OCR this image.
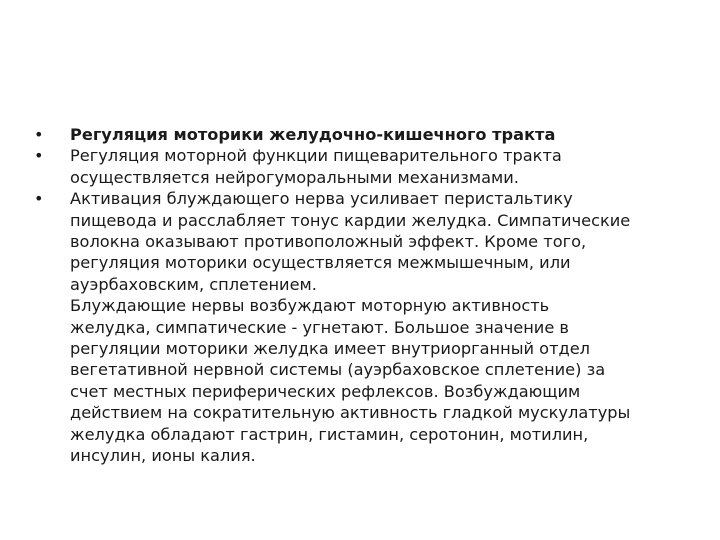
• Регуляция моторики желудочно-кишечного тракта
• Регуляция моторной функции пищеварительного тракта
осуществляется нейрогуморальными механизмами.
• Активация блуждающего нерва усиливает перистальтику
пищевода и расслабляет тонус кардии желудка. Симпатические
волокна оказывают противоположный эффект. Кроме того,
регуляция моторики осуществляется межмышечным, или
ауэрбаховским, сплетением.
Блуждающие нервы возбуждают моторную активность
желудка, симпатические - угнетают. Большое значение в
регуляции моторики желудка имеет внутриорганный отдел
вегетативной нервной системы (ауэрбаховское сплетение) за
счет местных периферических рефлексов. Возбуждающим
действием на сократительную активность гладкой мускулатуры
желудка обладают гастрин, гистамин, серотонин, мотилин,
инсулин, ионы калия.
